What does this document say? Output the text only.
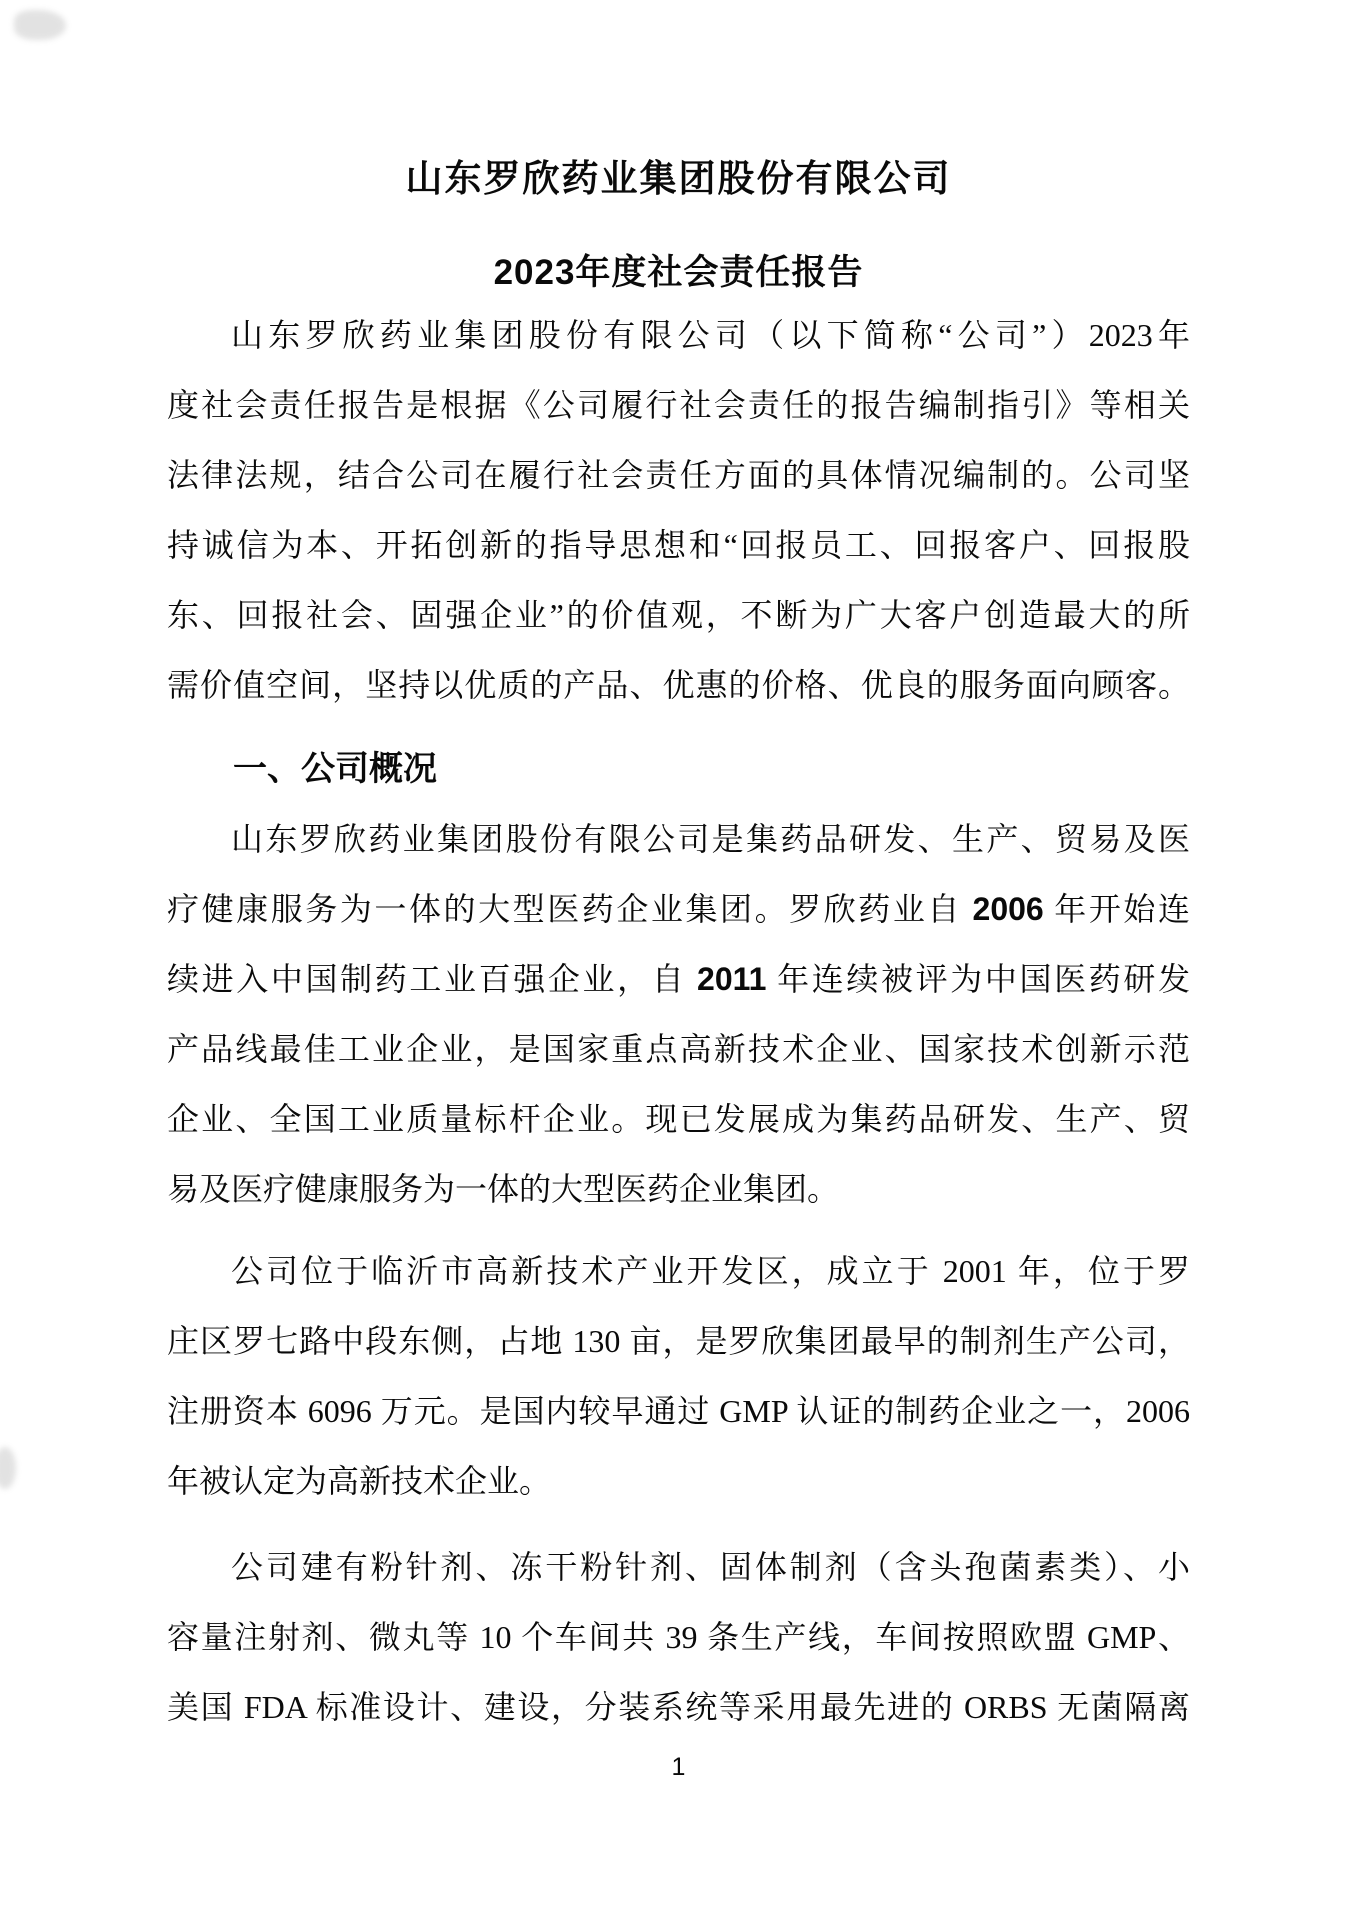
山东罗欣药业集团股份有限公司
2023年度社会责任报告
山东罗欣药业集团股份有限公司（以下简称“公司”）2023年
度社会责任报告是根据《公司履行社会责任的报告编制指引》等相关
法律法规，结合公司在履行社会责任方面的具体情况编制的。公司坚
持诚信为本、开拓创新的指导思想和“回报员工、回报客户、回报股
东、回报社会、固强企业”的价值观，不断为广大客户创造最大的所
需价值空间，坚持以优质的产品、优惠的价格、优良的服务面向顾客。
一、公司概况
山东罗欣药业集团股份有限公司是集药品研发、生产、贸易及医
疗健康服务为一体的大型医药企业集团。罗欣药业自 2006 年开始连
续进入中国制药工业百强企业，自 2011 年连续被评为中国医药研发
产品线最佳工业企业，是国家重点高新技术企业、国家技术创新示范
企业、全国工业质量标杆企业。现已发展成为集药品研发、生产、贸
易及医疗健康服务为一体的大型医药企业集团。
公司位于临沂市高新技术产业开发区，成立于 2001 年，位于罗
庄区罗七路中段东侧，占地 130 亩，是罗欣集团最早的制剂生产公司，
注册资本 6096 万元。是国内较早通过 GMP 认证的制药企业之一，2006
年被认定为高新技术企业。
公司建有粉针剂、冻干粉针剂、固体制剂（含头孢菌素类）、小
容量注射剂、微丸等 10 个车间共 39 条生产线，车间按照欧盟 GMP、
美国 FDA 标准设计、建设，分装系统等采用最先进的 ORBS 无菌隔离
1
